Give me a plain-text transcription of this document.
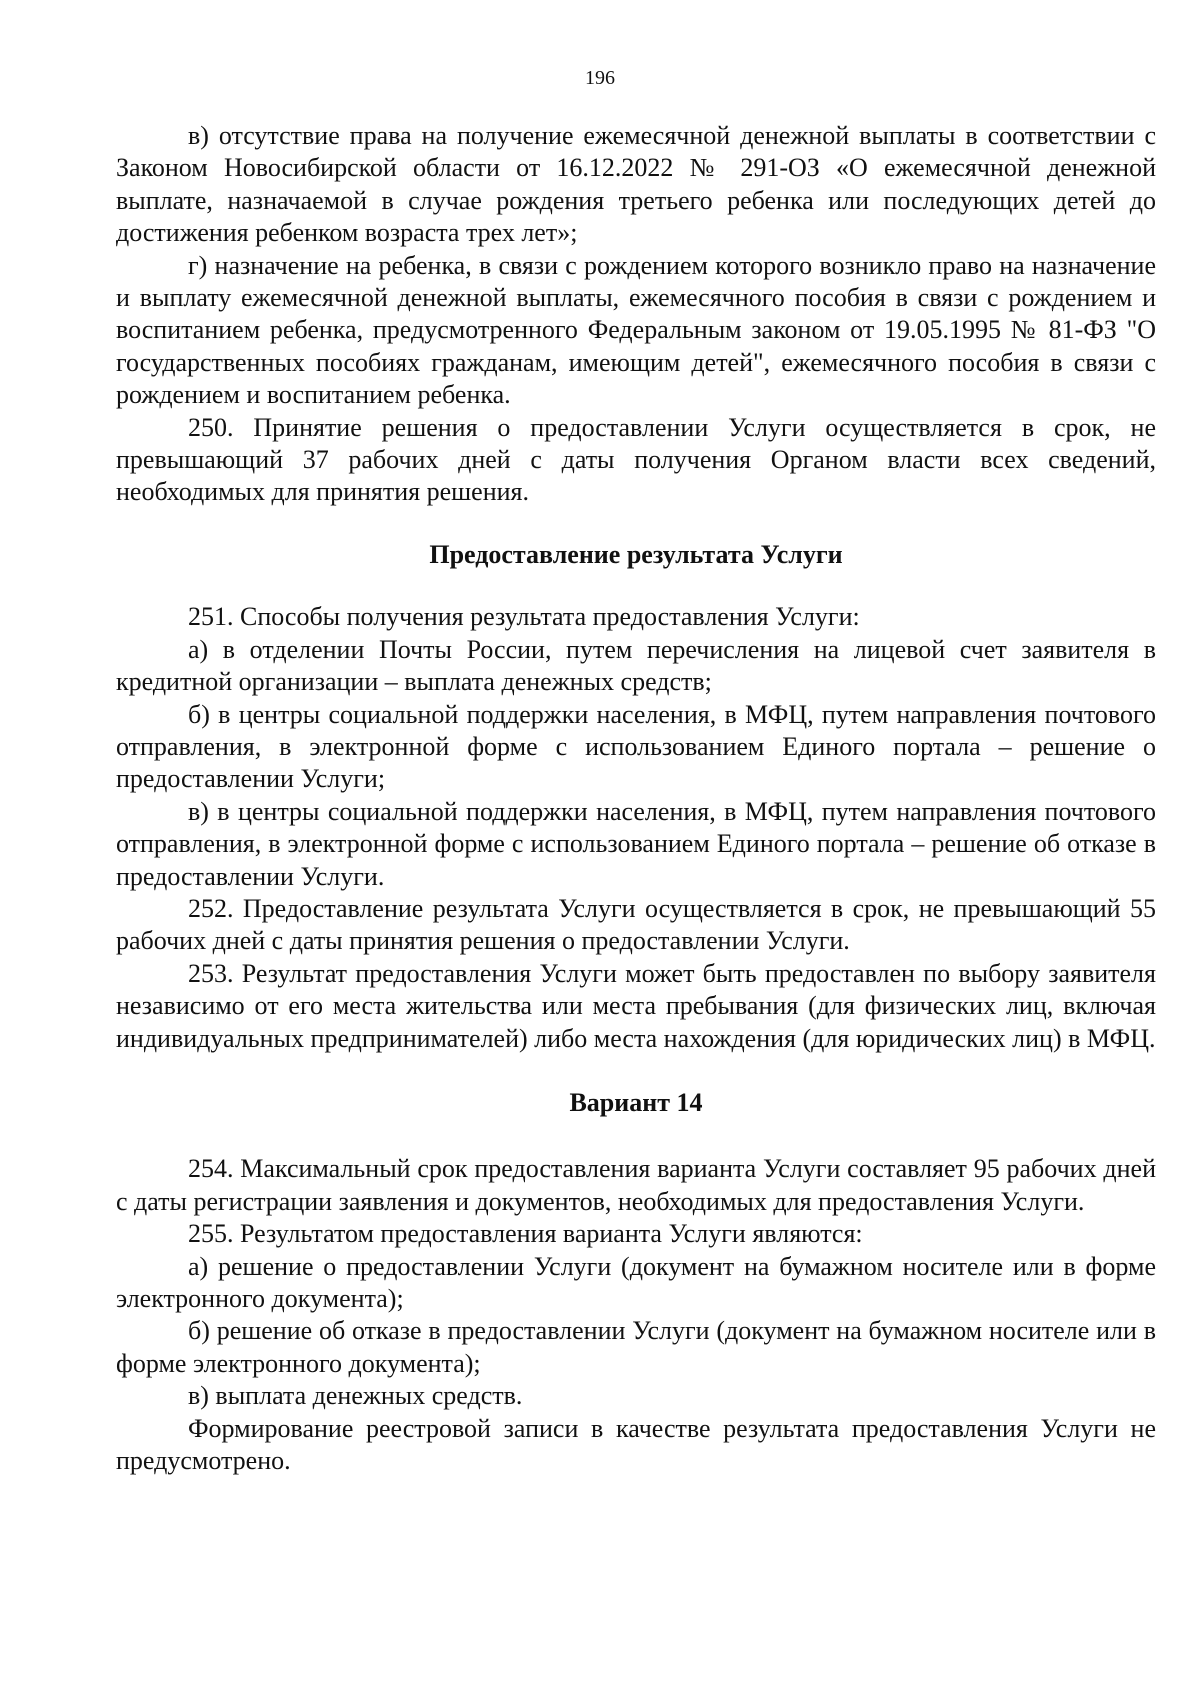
196

в) отсутствие права на получение ежемесячной денежной выплаты в соответствии с Законом Новосибирской области от 16.12.2022 № 291-ОЗ «О ежемесячной денежной выплате, назначаемой в случае рождения третьего ребенка или последующих детей до достижения ребенком возраста трех лет»;

г) назначение на ребенка, в связи с рождением которого возникло право на назначение и выплату ежемесячной денежной выплаты, ежемесячного пособия в связи с рождением и воспитанием ребенка, предусмотренного Федеральным законом от 19.05.1995 № 81-ФЗ "О государственных пособиях гражданам, имеющим детей", ежемесячного пособия в связи с рождением и воспитанием ребенка.

250. Принятие решения о предоставлении Услуги осуществляется в срок, не превышающий 37 рабочих дней с даты получения Органом власти всех сведений, необходимых для принятия решения.

Предоставление результата Услуги

251. Способы получения результата предоставления Услуги:

а) в отделении Почты России, путем перечисления на лицевой счет заявителя в кредитной организации – выплата денежных средств;

б) в центры социальной поддержки населения, в МФЦ, путем направления почтового отправления, в электронной форме с использованием Единого портала – решение о предоставлении Услуги;

в) в центры социальной поддержки населения, в МФЦ, путем направления почтового отправления, в электронной форме с использованием Единого портала – решение об отказе в предоставлении Услуги.

252. Предоставление результата Услуги осуществляется в срок, не превышающий 55 рабочих дней с даты принятия решения о предоставлении Услуги.

253. Результат предоставления Услуги может быть предоставлен по выбору заявителя независимо от его места жительства или места пребывания (для физических лиц, включая индивидуальных предпринимателей) либо места нахождения (для юридических лиц) в МФЦ.

Вариант 14

254. Максимальный срок предоставления варианта Услуги составляет 95 рабочих дней с даты регистрации заявления и документов, необходимых для предоставления Услуги.

255. Результатом предоставления варианта Услуги являются:

а) решение о предоставлении Услуги (документ на бумажном носителе или в форме электронного документа);

б) решение об отказе в предоставлении Услуги (документ на бумажном носителе или в форме электронного документа);

в) выплата денежных средств.

Формирование реестровой записи в качестве результата предоставления Услуги не предусмотрено.
